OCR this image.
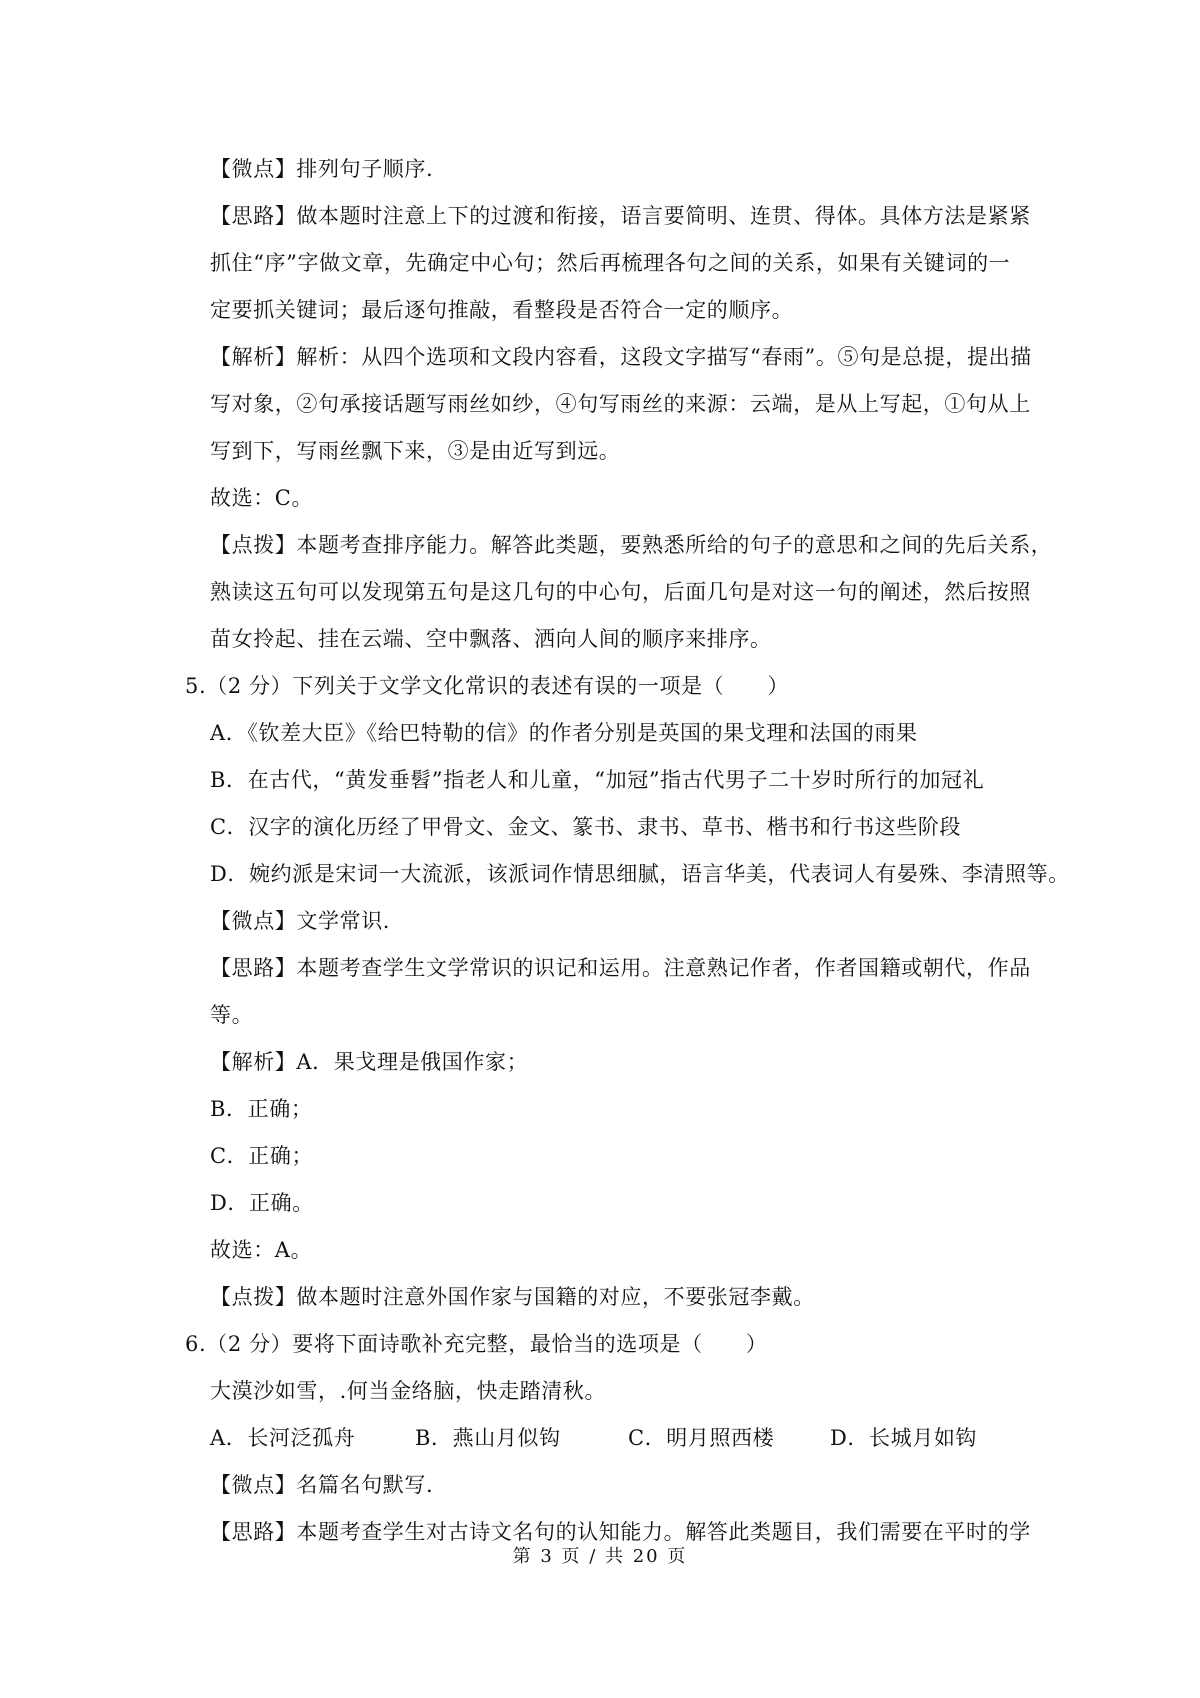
【微点】排列句子顺序.
【思路】做本题时注意上下的过渡和衔接，语言要简明、连贯、得体。具体方法是紧紧
抓住“序”字做文章，先确定中心句；然后再梳理各句之间的关系，如果有关键词的一
定要抓关键词；最后逐句推敲，看整段是否符合一定的顺序。
【解析】解析：从四个选项和文段内容看，这段文字描写“春雨”。⑤句是总提，提出描
写对象，②句承接话题写雨丝如纱，④句写雨丝的来源：云端，是从上写起，①句从上
写到下，写雨丝飘下来，③是由近写到远。
故选：C。
【点拨】本题考查排序能力。解答此类题，要熟悉所给的句子的意思和之间的先后关系，
熟读这五句可以发现第五句是这几句的中心句，后面几句是对这一句的阐述，然后按照
苗女拎起、挂在云端、空中飘落、洒向人间的顺序来排序。
5.（2 分）下列关于文学文化常识的表述有误的一项是（　　）
A．《钦差大臣》《给巴特勒的信》的作者分别是英国的果戈理和法国的雨果
B．在古代，“黄发垂髫”指老人和儿童，“加冠”指古代男子二十岁时所行的加冠礼
C．汉字的演化历经了甲骨文、金文、篆书、隶书、草书、楷书和行书这些阶段
D．婉约派是宋词一大流派，该派词作情思细腻，语言华美，代表词人有晏殊、李清照等。
【微点】文学常识.
【思路】本题考查学生文学常识的识记和运用。注意熟记作者，作者国籍或朝代，作品
等。
【解析】A．果戈理是俄国作家；
B．正确；
C．正确；
D．正确。
故选：A。
【点拨】做本题时注意外国作家与国籍的对应，不要张冠李戴。
6.（2 分）要将下面诗歌补充完整，最恰当的选项是（　　）
大漠沙如雪，.何当金络脑，快走踏清秋。
【微点】名篇名句默写.
【思路】本题考查学生对古诗文名句的认知能力。解答此类题目，我们需要在平时的学
A．长河泛孤舟	B．燕山月似钩	C．明月照西楼	D．长城月如钩
第 3 页 / 共 20 页
